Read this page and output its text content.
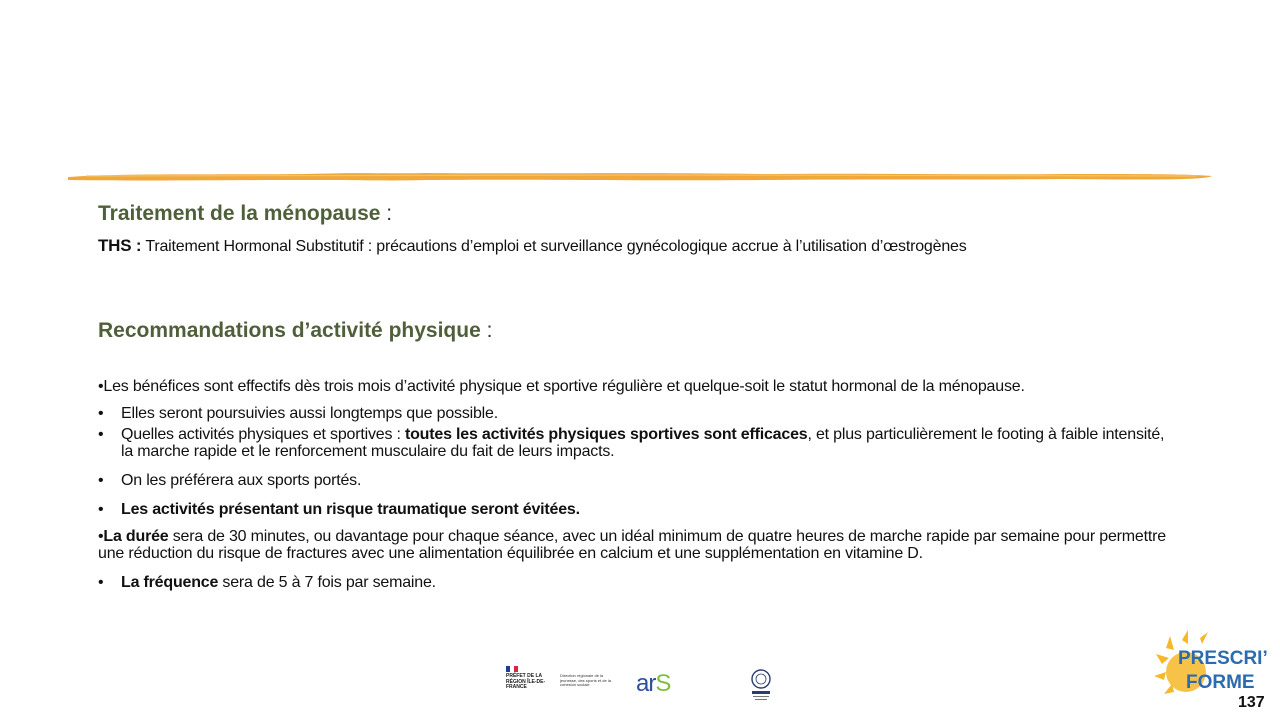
Traitement de la ménopause :
THS : Traitement Hormonal Substitutif : précautions d’emploi et surveillance gynécologique accrue à l’utilisation d’œstrogènes
Recommandations d’activité physique :
•Les bénéfices sont effectifs dès trois mois d’activité physique et sportive régulière et quelque-soit le statut hormonal de la ménopause.
• Elles seront poursuivies aussi longtemps que possible.
• Quelles activités physiques et sportives : toutes les activités physiques sportives sont efficaces, et plus particulièrement le footing à faible intensité, la marche rapide et le renforcement musculaire du fait de leurs impacts.
• On les préférera aux sports portés.
• Les activités présentant un risque traumatique seront évitées.
•La durée sera de 30 minutes, ou davantage pour chaque séance, avec un idéal minimum de quatre heures de marche rapide par semaine pour permettre une réduction du risque de fractures avec une alimentation équilibrée en calcium et une supplémentation en vitamine D.
• La fréquence sera de 5 à 7 fois par semaine.
PRÉFET DE LA RÉGION ÎLE-DE-FRANCE
Direction régionale de la jeunesse, des sports et de la cohésion sociale	arS
PRESCRI’
FORME
137
